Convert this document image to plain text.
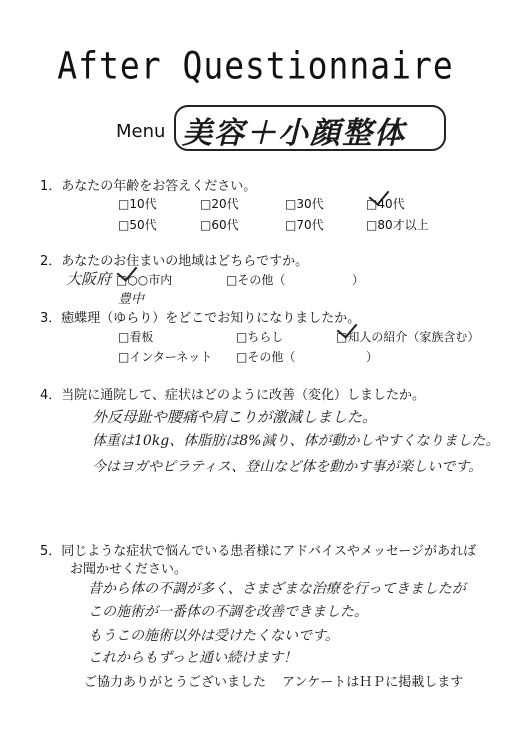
After Questionnaire
Menu 美容＋小顔整体
1．あなたの年齢をお答えください。
□10代	□20代	□30代	□40代
□50代	□60代	□70代	□80才以上
2．あなたのお住まいの地域はどちらですか。
大阪府 □○○市内
豊中
□その他（	）
3．癒蝶理（ゆらり）をどこでお知りになりましたか。
□看板	□ちらし	□知人の紹介（家族含む）
□インターネット □その他（	）
4．当院に通院して、症状はどのように改善（変化）しましたか。
外反母趾や腰痛や肩こりが激減しました。
体重は10kg、体脂肪は8%減り、体が動かしやすくなりました。
今はヨガやピラティス、登山など体を動かす事が楽しいです。
5．同じような症状で悩んでいる患者様にアドバイスやメッセージがあれば
お聞かせください。
昔から体の不調が多く、さまざまな治療を行ってきましたが
この施術が一番体の不調を改善できました。
もうこの施術以外は受けたくないです。
これからもずっと通い続けます！
ご協力ありがとうございました アンケートはＨＰに掲載します
